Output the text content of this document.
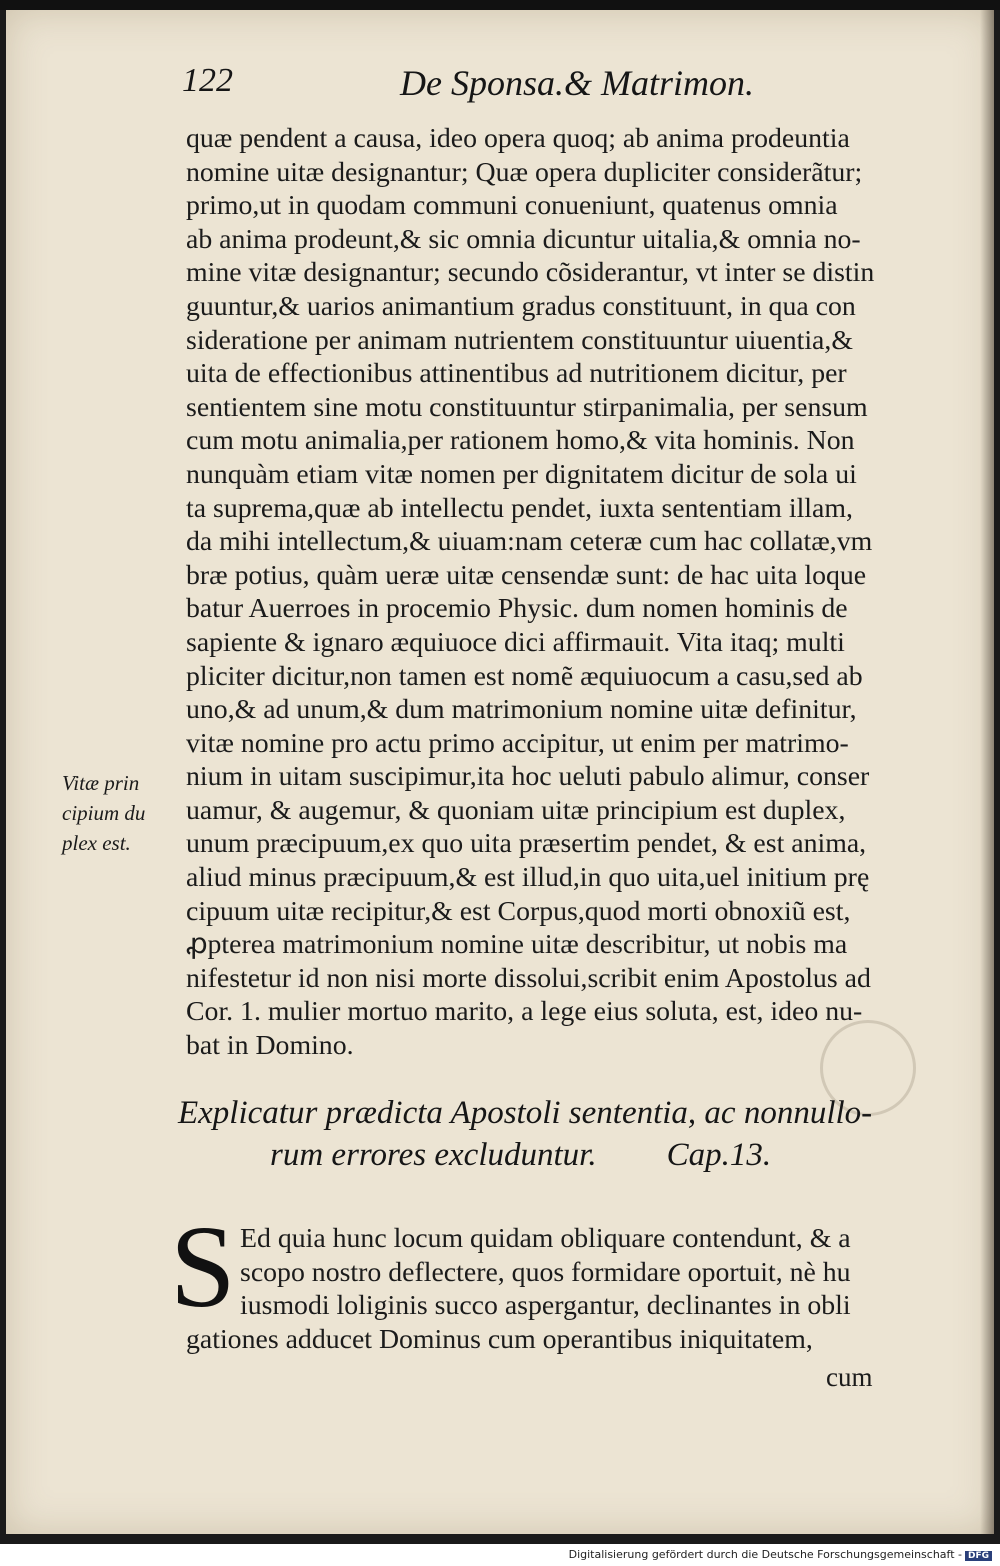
122	De Sponsa.& Matrimon.
quæ pendent a causa, ideo opera quoq; ab anima prodeuntia
nomine uitæ designantur; Quæ opera dupliciter considerãtur;
primo,ut in quodam communi conueniunt, quatenus omnia
ab anima prodeunt,& sic omnia dicuntur uitalia,& omnia no-
mine vitæ designantur; secundo cõsiderantur, vt inter se distin
guuntur,& uarios animantium gradus constituunt, in qua con
sideratione per animam nutrientem constituuntur uiuentia,&
uita de effectionibus attinentibus ad nutritionem dicitur, per
sentientem sine motu constituuntur stirpanimalia, per sensum
cum motu animalia,per rationem homo,& vita hominis. Non
nunquàm etiam vitæ nomen per dignitatem dicitur de sola ui
ta suprema,quæ ab intellectu pendet, iuxta sententiam illam,
da mihi intellectum,& uiuam:nam ceteræ cum hac collatæ,vm
bræ potius, quàm ueræ uitæ censendæ sunt: de hac uita loque
batur Auerroes in procemio Physic. dum nomen hominis de
sapiente & ignaro æquiuoce dici affirmauit. Vita itaq; multi
pliciter dicitur,non tamen est nomẽ æquiuocum a casu,sed ab
uno,& ad unum,& dum matrimonium nomine uitæ definitur,
vitæ nomine pro actu primo accipitur, ut enim per matrimo-
nium in uitam suscipimur,ita hoc ueluti pabulo alimur, conser
uamur, & augemur, & quoniam uitæ principium est duplex,
unum præcipuum,ex quo uita præsertim pendet, & est anima,
aliud minus præcipuum,& est illud,in quo uita,uel initium prę
cipuum uitæ recipitur,& est Corpus,quod morti obnoxiũ est,
ꝓpterea matrimonium nomine uitæ describitur, ut nobis ma
nifestetur id non nisi morte dissolui,scribit enim Apostolus ad
Cor. 1. mulier mortuo marito, a lege eius soluta, est, ideo nu-
bat in Domino.
Vitæ prin
cipium du
plex est.
Explicatur prædicta Apostoli sententia, ac nonnullo-
rum errores excluduntur. Cap.13.
S Ed quia hunc locum quidam obliquare contendunt, & a
scopo nostro deflectere, quos formidare oportuit, nè hu
iusmodi loliginis succo aspergantur, declinantes in obli
gationes adducet Dominus cum operantibus iniquitatem,
cum
Digitalisierung gefördert durch die Deutsche Forschungsgemeinschaft - DFG
